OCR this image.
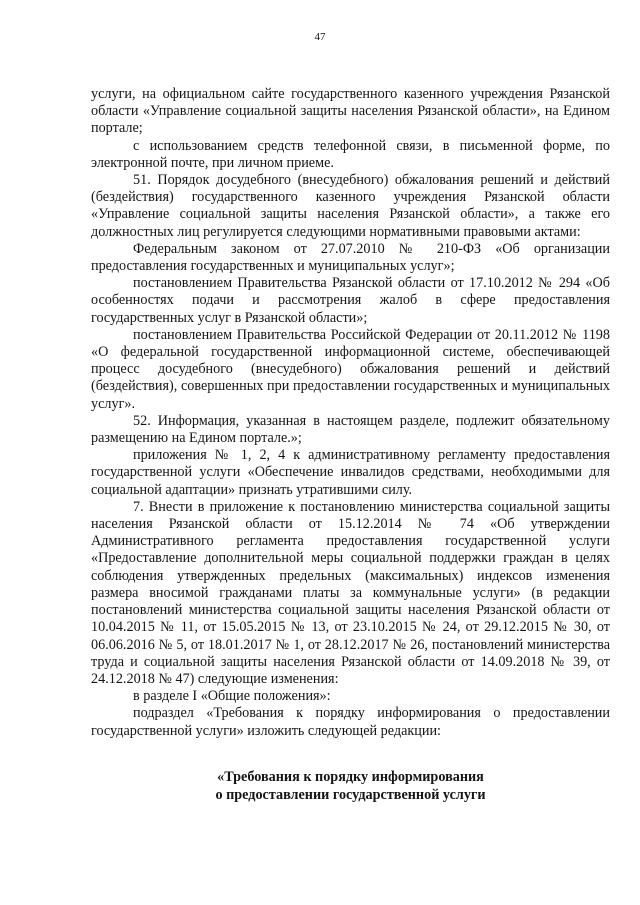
47

услуги, на официальном сайте государственного казенного учреждения Рязанской области «Управление социальной защиты населения Рязанской области», на Едином портале;

с использованием средств телефонной связи, в письменной форме, по электронной почте, при личном приеме.

51. Порядок досудебного (внесудебного) обжалования решений и действий (бездействия) государственного казенного учреждения Рязанской области «Управление социальной защиты населения Рязанской области», а также его должностных лиц регулируется следующими нормативными правовыми актами:

Федеральным законом от 27.07.2010 № 210-ФЗ «Об организации предоставления государственных и муниципальных услуг»;

постановлением Правительства Рязанской области от 17.10.2012 № 294 «Об особенностях подачи и рассмотрения жалоб в сфере предоставления государственных услуг в Рязанской области»;

постановлением Правительства Российской Федерации от 20.11.2012 № 1198 «О федеральной государственной информационной системе, обеспечивающей процесс досудебного (внесудебного) обжалования решений и действий (бездействия), совершенных при предоставлении государственных и муниципальных услуг».

52. Информация, указанная в настоящем разделе, подлежит обязательному размещению на Едином портале.»;

приложения № 1, 2, 4 к административному регламенту предоставления государственной услуги «Обеспечение инвалидов средствами, необходимыми для социальной адаптации» признать утратившими силу.

7. Внести в приложение к постановлению министерства социальной защиты населения Рязанской области от 15.12.2014 № 74 «Об утверждении Административного регламента предоставления государственной услуги «Предоставление дополнительной меры социальной поддержки граждан в целях соблюдения утвержденных предельных (максимальных) индексов изменения размера вносимой гражданами платы за коммунальные услуги» (в редакции постановлений министерства социальной защиты населения Рязанской области от 10.04.2015 № 11, от 15.05.2015 № 13, от 23.10.2015 № 24, от 29.12.2015 № 30, от 06.06.2016 № 5, от 18.01.2017 № 1, от 28.12.2017 № 26, постановлений министерства труда и социальной защиты населения Рязанской области от 14.09.2018 № 39, от 24.12.2018 № 47) следующие изменения:

в разделе I «Общие положения»:

подраздел «Требования к порядку информирования о предоставлении государственной услуги» изложить следующей редакции:

«Требования к порядку информирования
о предоставлении государственной услуги
